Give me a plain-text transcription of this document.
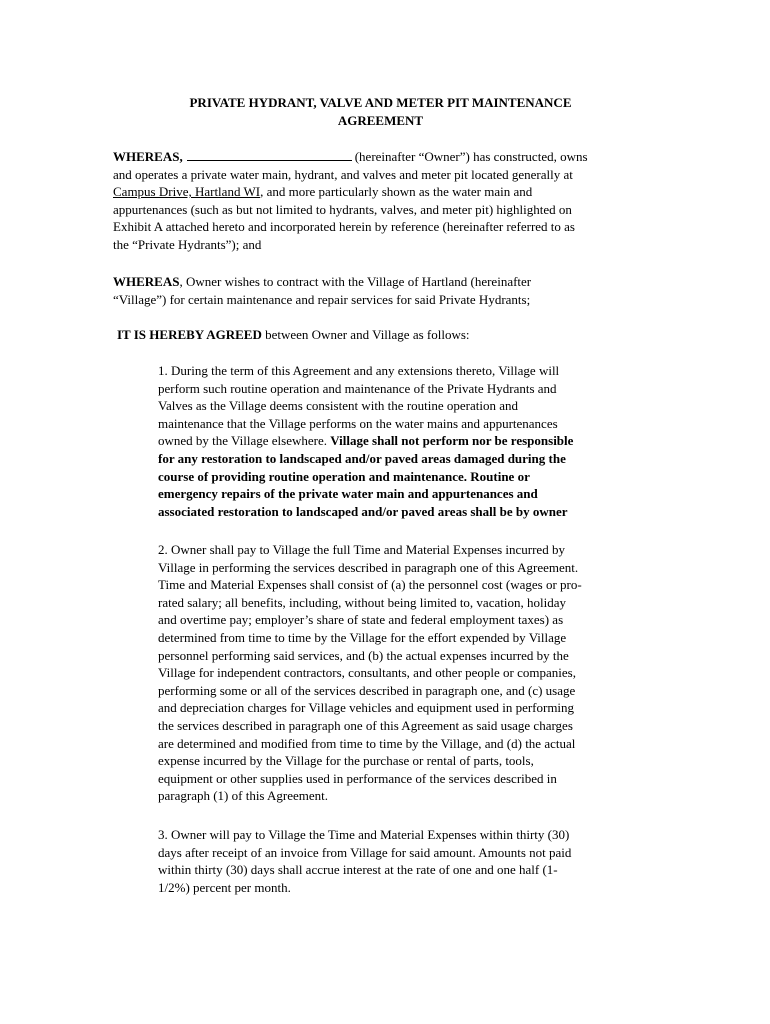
PRIVATE HYDRANT, VALVE AND METER PIT MAINTENANCE
AGREEMENT
WHEREAS,	(hereinafter “Owner”) has constructed, owns
and operates a private water main, hydrant, and valves and meter pit located generally at
Campus Drive, Hartland WI, and more particularly shown as the water main and
appurtenances (such as but not limited to hydrants, valves, and meter pit) highlighted on
Exhibit A attached hereto and incorporated herein by reference (hereinafter referred to as
the “Private Hydrants”); and
WHEREAS, Owner wishes to contract with the Village of Hartland (hereinafter
“Village”) for certain maintenance and repair services for said Private Hydrants;
IT IS HEREBY AGREED between Owner and Village as follows:
1. During the term of this Agreement and any extensions thereto, Village will
perform such routine operation and maintenance of the Private Hydrants and
Valves as the Village deems consistent with the routine operation and
maintenance that the Village performs on the water mains and appurtenances
owned by the Village elsewhere. Village shall not perform nor be responsible
for any restoration to landscaped and/or paved areas damaged during the
course of providing routine operation and maintenance. Routine or
emergency repairs of the private water main and appurtenances and
associated restoration to landscaped and/or paved areas shall be by owner
2. Owner shall pay to Village the full Time and Material Expenses incurred by
Village in performing the services described in paragraph one of this Agreement.
Time and Material Expenses shall consist of (a) the personnel cost (wages or pro-
rated salary; all benefits, including, without being limited to, vacation, holiday
and overtime pay; employer’s share of state and federal employment taxes) as
determined from time to time by the Village for the effort expended by Village
personnel performing said services, and (b) the actual expenses incurred by the
Village for independent contractors, consultants, and other people or companies,
performing some or all of the services described in paragraph one, and (c) usage
and depreciation charges for Village vehicles and equipment used in performing
the services described in paragraph one of this Agreement as said usage charges
are determined and modified from time to time by the Village, and (d) the actual
expense incurred by the Village for the purchase or rental of parts, tools,
equipment or other supplies used in performance of the services described in
paragraph (1) of this Agreement.
3. Owner will pay to Village the Time and Material Expenses within thirty (30)
days after receipt of an invoice from Village for said amount. Amounts not paid
within thirty (30) days shall accrue interest at the rate of one and one half (1-
1/2%) percent per month.
